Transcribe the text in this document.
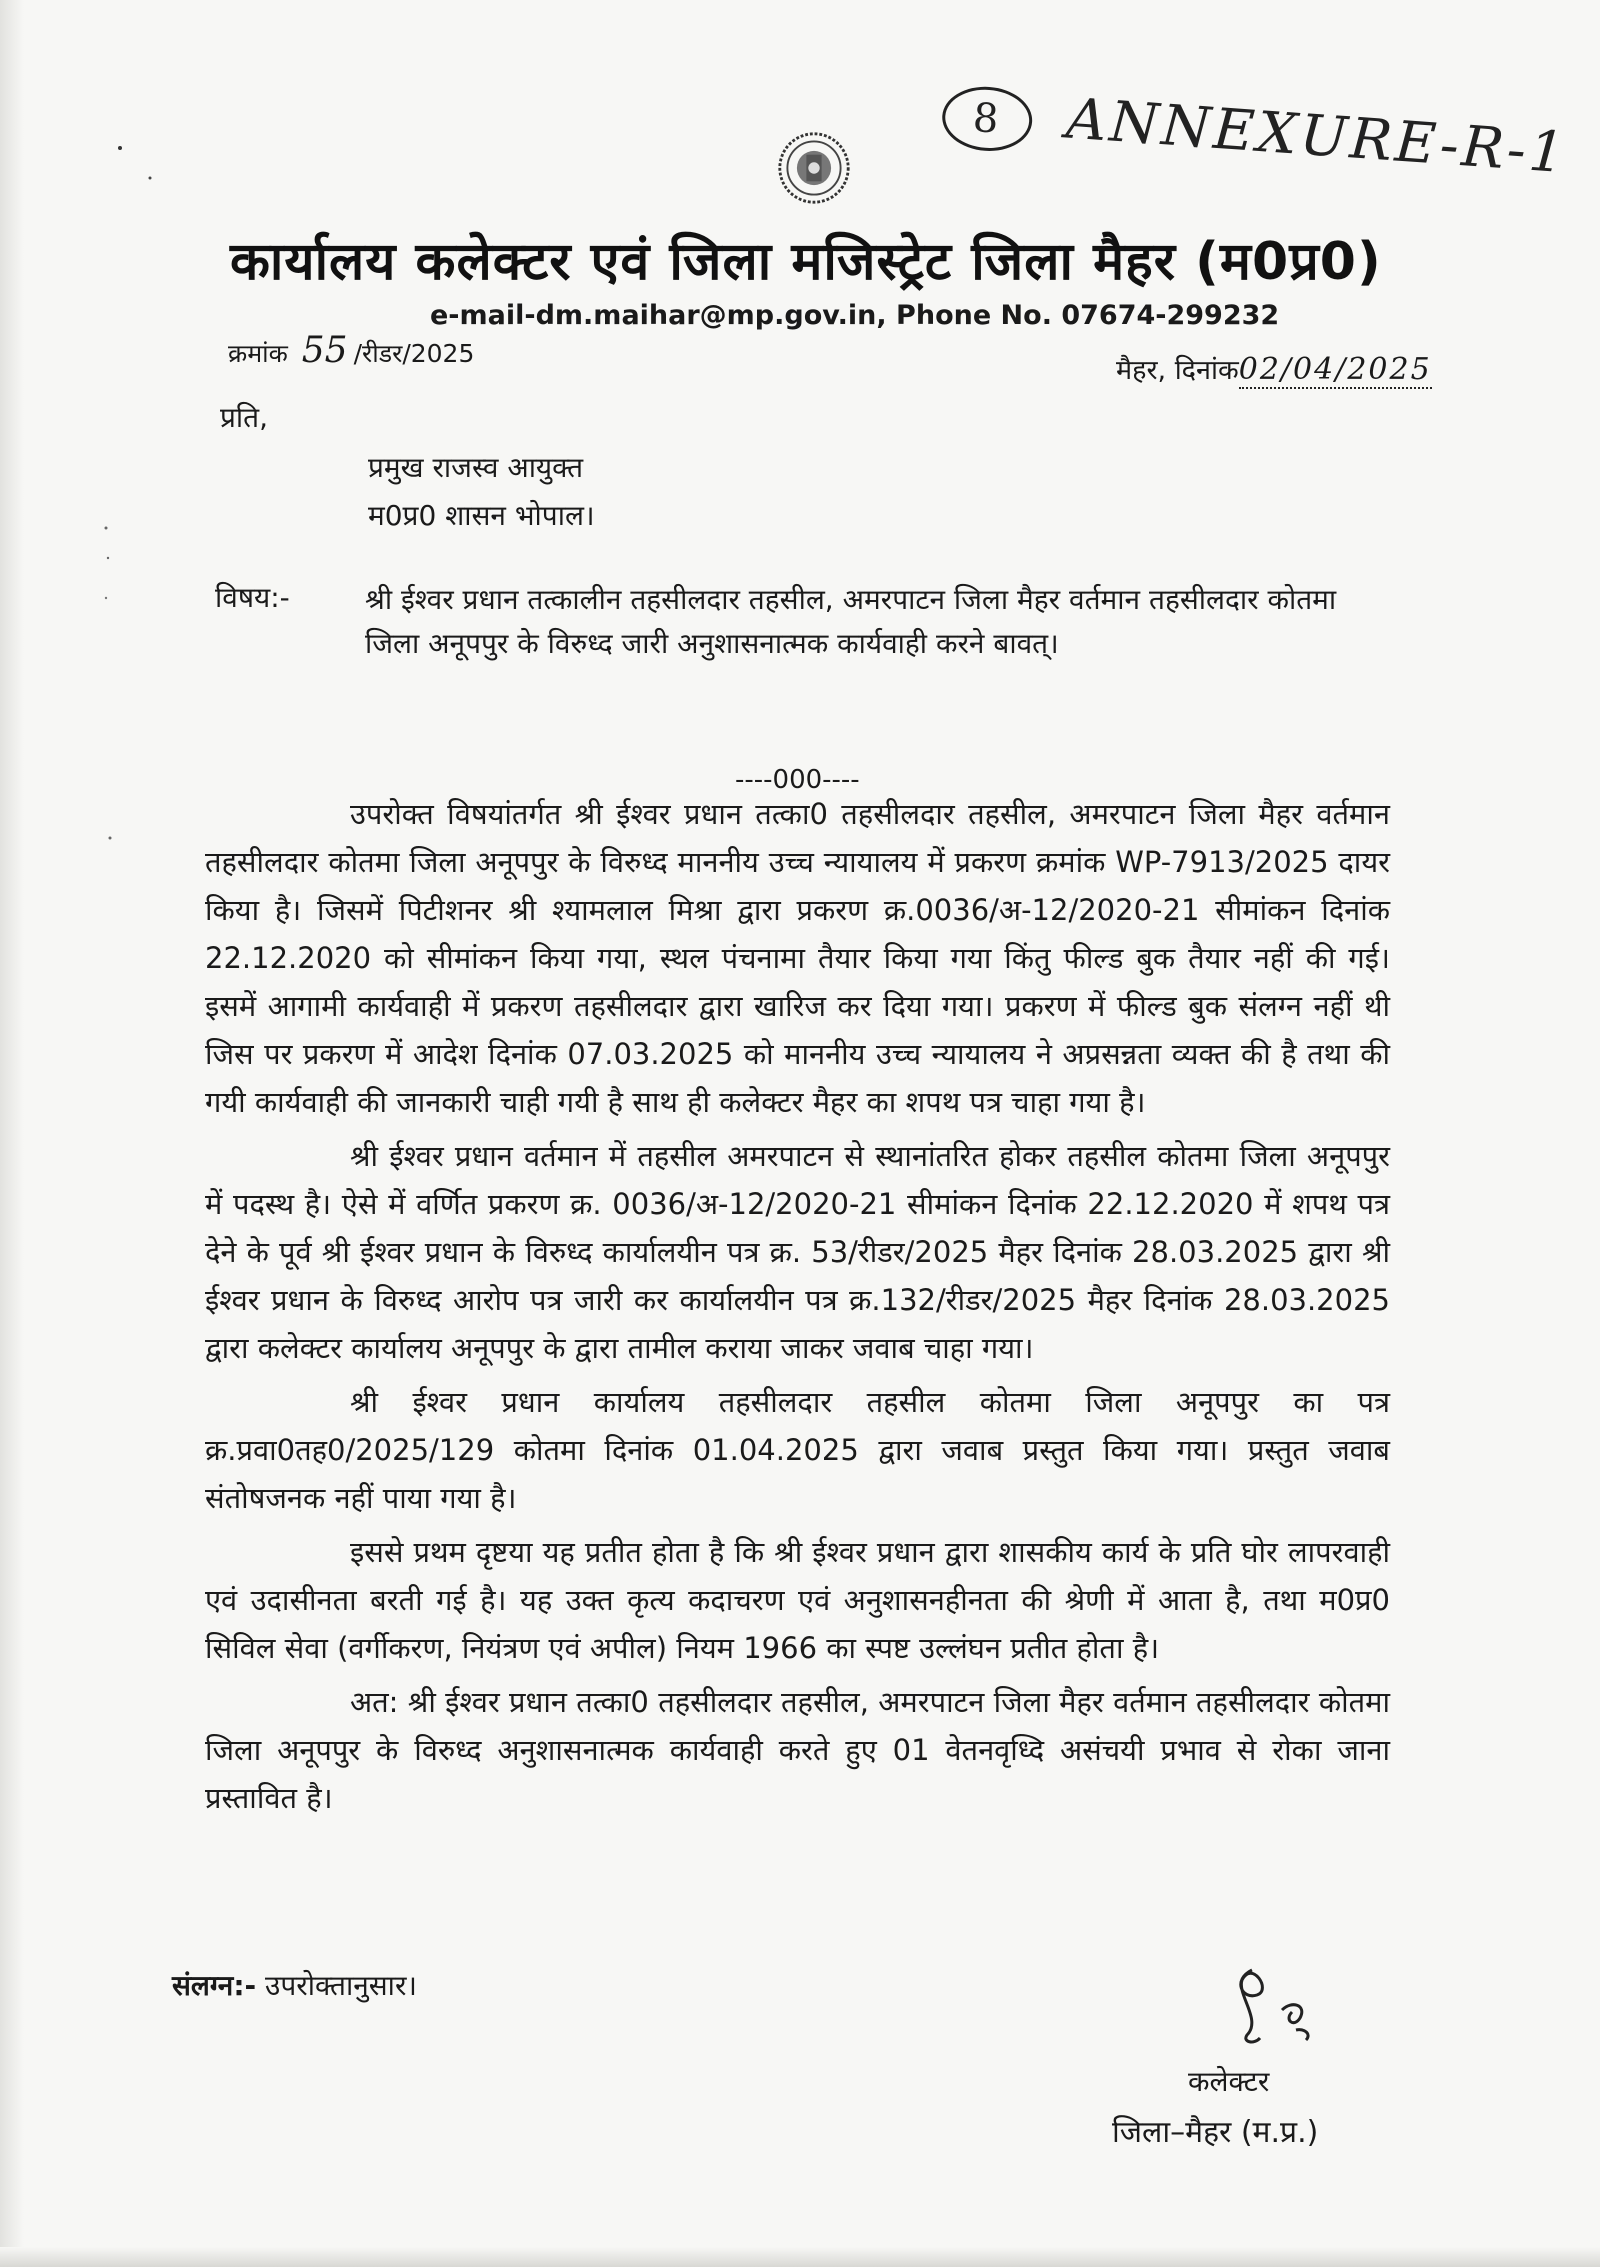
8 ANNEXURE-R-1
कार्यालय कलेक्टर एवं जिला मजिस्ट्रेट जिला मैहर (म0प्र0)
e-mail-dm.maihar@mp.gov.in, Phone No. 07674-299232
क्रमांक 55 /रीडर/2025
मैहर, दिनांक02/04/2025
प्रति,
प्रमुख राजस्व आयुक्त
म0प्र0 शासन भोपाल।
विषय:-	श्री ईश्वर प्रधान तत्कालीन तहसीलदार तहसील, अमरपाटन जिला मैहर वर्तमान तहसीलदार कोतमा जिला अनूपपुर के विरुध्द जारी अनुशासनात्मक कार्यवाही करने बावत्।
----000----

उपरोक्त विषयांतर्गत श्री ईश्वर प्रधान तत्का0 तहसीलदार तहसील, अमरपाटन जिला मैहर वर्तमान तहसीलदार कोतमा जिला अनूपपुर के विरुध्द माननीय उच्च न्यायालय में प्रकरण क्रमांक WP-7913/2025 दायर किया है। जिसमें पिटीशनर श्री श्यामलाल मिश्रा द्वारा प्रकरण क्र.0036/अ-12/2020-21 सीमांकन दिनांक 22.12.2020 को सीमांकन किया गया, स्थल पंचनामा तैयार किया गया किंतु फील्ड बुक तैयार नहीं की गई। इसमें आगामी कार्यवाही में प्रकरण तहसीलदार द्वारा खारिज कर दिया गया। प्रकरण में फील्ड बुक संलग्न नहीं थी जिस पर प्रकरण में आदेश दिनांक 07.03.2025 को माननीय उच्च न्यायालय ने अप्रसन्नता व्यक्त की है तथा की गयी कार्यवाही की जानकारी चाही गयी है साथ ही कलेक्टर मैहर का शपथ पत्र चाहा गया है।

श्री ईश्वर प्रधान वर्तमान में तहसील अमरपाटन से स्थानांतरित होकर तहसील कोतमा जिला अनूपपुर में पदस्थ है। ऐसे में वर्णित प्रकरण क्र. 0036/अ-12/2020-21 सीमांकन दिनांक 22.12.2020 में शपथ पत्र देने के पूर्व श्री ईश्वर प्रधान के विरुध्द कार्यालयीन पत्र क्र. 53/रीडर/2025 मैहर दिनांक 28.03.2025 द्वारा श्री ईश्वर प्रधान के विरुध्द आरोप पत्र जारी कर कार्यालयीन पत्र क्र.132/रीडर/2025 मैहर दिनांक 28.03.2025 द्वारा कलेक्टर कार्यालय अनूपपुर के द्वारा तामील कराया जाकर जवाब चाहा गया।

श्री ईश्वर प्रधान कार्यालय तहसीलदार तहसील कोतमा जिला अनूपपुर का पत्र क्र.प्रवा0तह0/2025/129 कोतमा दिनांक 01.04.2025 द्वारा जवाब प्रस्तुत किया गया। प्रस्तुत जवाब संतोषजनक नहीं पाया गया है।

इससे प्रथम दृष्टया यह प्रतीत होता है कि श्री ईश्वर प्रधान द्वारा शासकीय कार्य के प्रति घोर लापरवाही एवं उदासीनता बरती गई है। यह उक्त कृत्य कदाचरण एवं अनुशासनहीनता की श्रेणी में आता है, तथा म0प्र0 सिविल सेवा (वर्गीकरण, नियंत्रण एवं अपील) नियम 1966 का स्पष्ट उल्लंघन प्रतीत होता है।

अत: श्री ईश्वर प्रधान तत्का0 तहसीलदार तहसील, अमरपाटन जिला मैहर वर्तमान तहसीलदार कोतमा जिला अनूपपुर के विरुध्द अनुशासनात्मक कार्यवाही करते हुए 01 वेतनवृध्दि असंचयी प्रभाव से रोका जाना प्रस्तावित है।

संलग्न:- उपरोक्तानुसार।
कलेक्टर
जिला–मैहर (म.प्र.)
